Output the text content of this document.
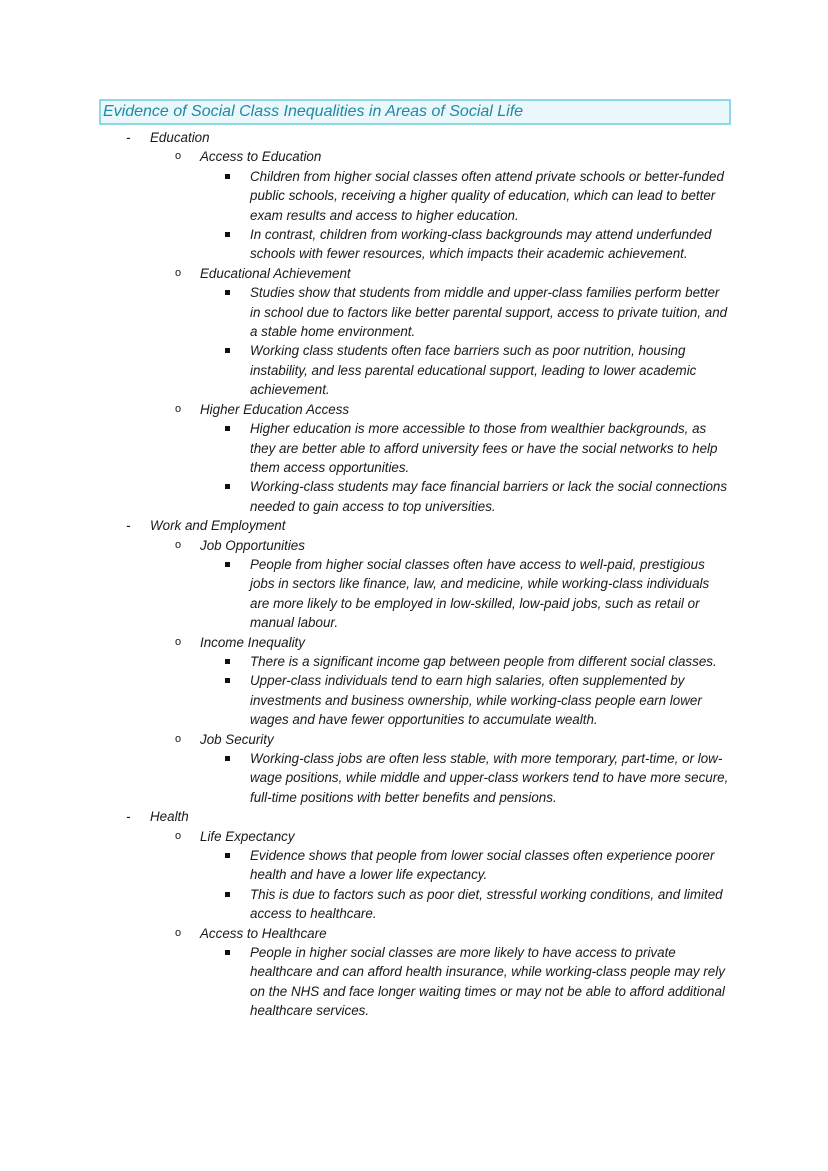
Evidence of Social Class Inequalities in Areas of Social Life
- Education
o Access to Education
Children from higher social classes often attend private schools or better-funded public schools, receiving a higher quality of education, which can lead to better exam results and access to higher education.
In contrast, children from working-class backgrounds may attend underfunded schools with fewer resources, which impacts their academic achievement.
o Educational Achievement
Studies show that students from middle and upper-class families perform better in school due to factors like better parental support, access to private tuition, and a stable home environment.
Working class students often face barriers such as poor nutrition, housing instability, and less parental educational support, leading to lower academic achievement.
o Higher Education Access
Higher education is more accessible to those from wealthier backgrounds, as they are better able to afford university fees or have the social networks to help them access opportunities.
Working-class students may face financial barriers or lack the social connections needed to gain access to top universities.
- Work and Employment
o Job Opportunities
People from higher social classes often have access to well-paid, prestigious jobs in sectors like finance, law, and medicine, while working-class individuals are more likely to be employed in low-skilled, low-paid jobs, such as retail or manual labour.
o Income Inequality
There is a significant income gap between people from different social classes.
Upper-class individuals tend to earn high salaries, often supplemented by investments and business ownership, while working-class people earn lower wages and have fewer opportunities to accumulate wealth.
o Job Security
Working-class jobs are often less stable, with more temporary, part-time, or low-wage positions, while middle and upper-class workers tend to have more secure, full-time positions with better benefits and pensions.
- Health
o Life Expectancy
Evidence shows that people from lower social classes often experience poorer health and have a lower life expectancy.
This is due to factors such as poor diet, stressful working conditions, and limited access to healthcare.
o Access to Healthcare
People in higher social classes are more likely to have access to private healthcare and can afford health insurance, while working-class people may rely on the NHS and face longer waiting times or may not be able to afford additional healthcare services.
